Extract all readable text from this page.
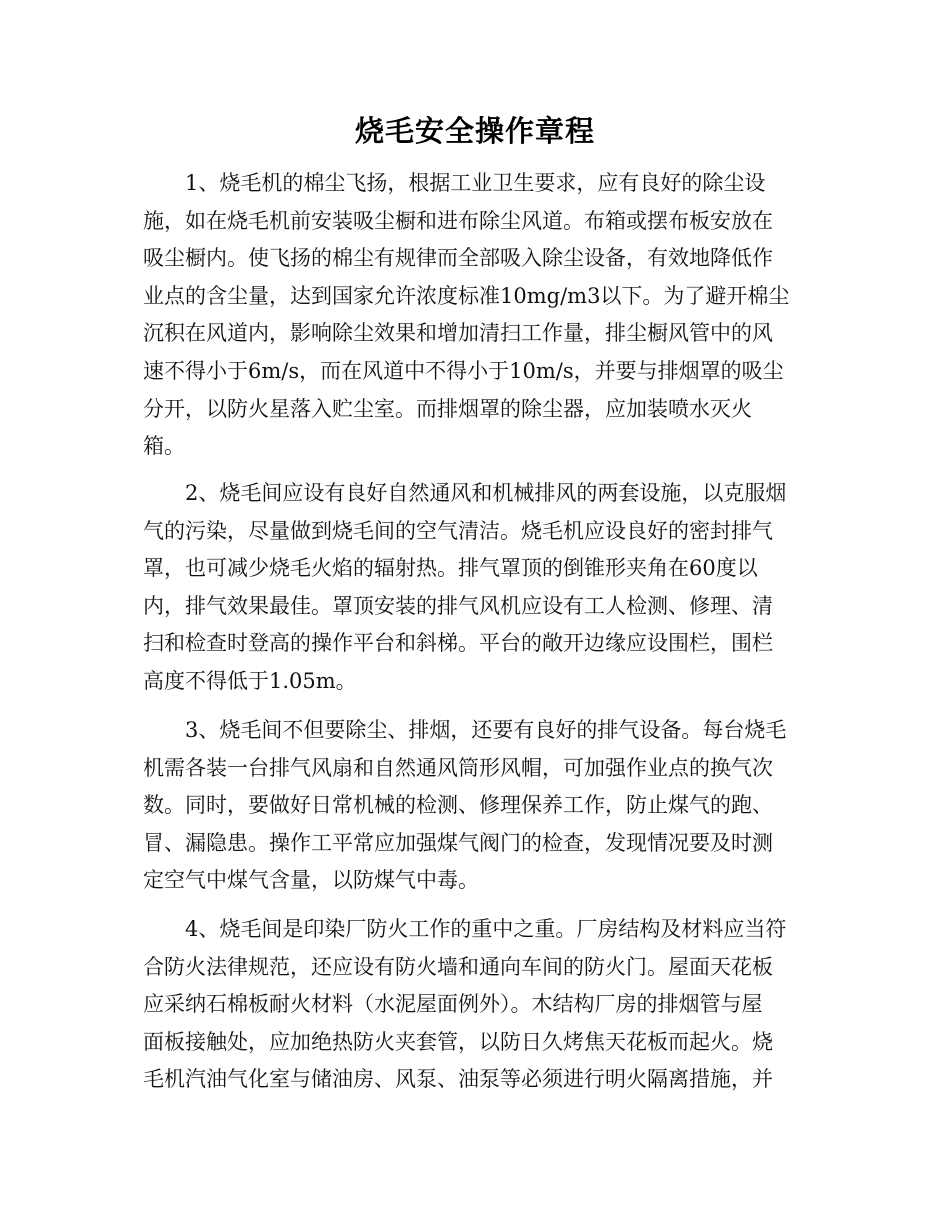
烧毛安全操作章程
1、烧毛机的棉尘飞扬，根据工业卫生要求，应有良好的除尘设
施，如在烧毛机前安装吸尘橱和进布除尘风道。布箱或摆布板安放在
吸尘橱内。使飞扬的棉尘有规律而全部吸入除尘设备，有效地降低作
业点的含尘量，达到国家允许浓度标准10mg/m3以下。为了避开棉尘
沉积在风道内，影响除尘效果和增加清扫工作量，排尘橱风管中的风
速不得小于6m/s，而在风道中不得小于10m/s，并要与排烟罩的吸尘
分开，以防火星落入贮尘室。而排烟罩的除尘器，应加装喷水灭火
箱。
2、烧毛间应设有良好自然通风和机械排风的两套设施，以克服烟
气的污染，尽量做到烧毛间的空气清洁。烧毛机应设良好的密封排气
罩，也可减少烧毛火焰的辐射热。排气罩顶的倒锥形夹角在60度以
内，排气效果最佳。罩顶安装的排气风机应设有工人检测、修理、清
扫和检查时登高的操作平台和斜梯。平台的敞开边缘应设围栏，围栏
高度不得低于1.05m。
3、烧毛间不但要除尘、排烟，还要有良好的排气设备。每台烧毛
机需各装一台排气风扇和自然通风筒形风帽，可加强作业点的换气次
数。同时，要做好日常机械的检测、修理保养工作，防止煤气的跑、
冒、漏隐患。操作工平常应加强煤气阀门的检查，发现情况要及时测
定空气中煤气含量，以防煤气中毒。
4、烧毛间是印染厂防火工作的重中之重。厂房结构及材料应当符
合防火法律规范，还应设有防火墙和通向车间的防火门。屋面天花板
应采纳石棉板耐火材料（水泥屋面例外）。木结构厂房的排烟管与屋
面板接触处，应加绝热防火夹套管，以防日久烤焦天花板而起火。烧
毛机汽油气化室与储油房、风泵、油泵等必须进行明火隔离措施，并
